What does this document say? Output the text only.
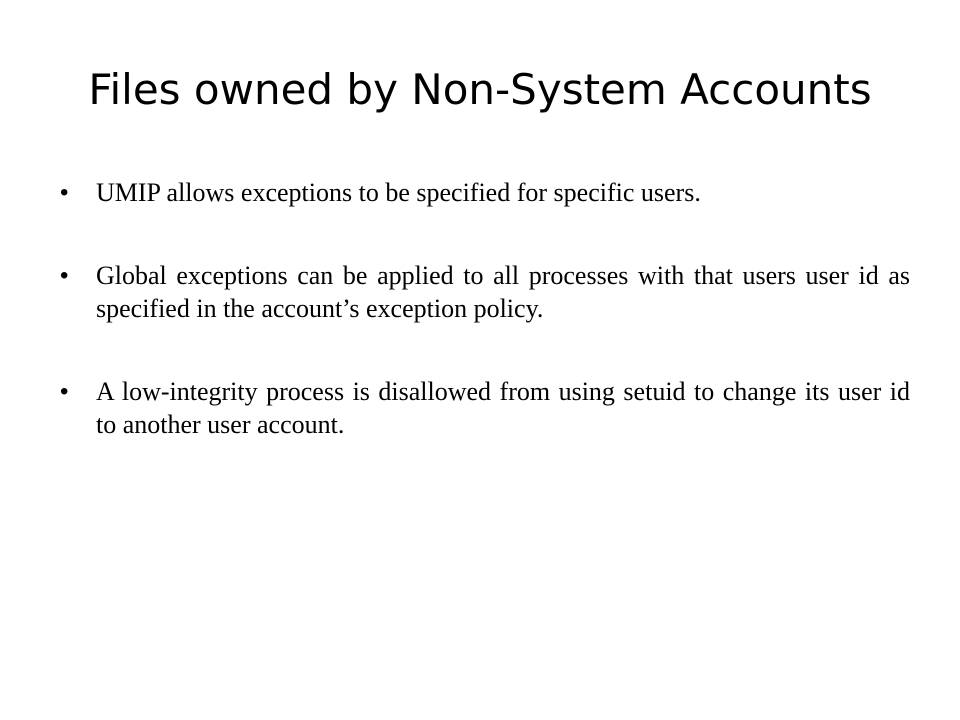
Files owned by Non-System Accounts
•	UMIP allows exceptions to be specified for specific users.
•	Global exceptions can be applied to all processes with that users user id as specified in the account’s exception policy.
•	A low-integrity process is disallowed from using setuid to change its user id to another user account.
